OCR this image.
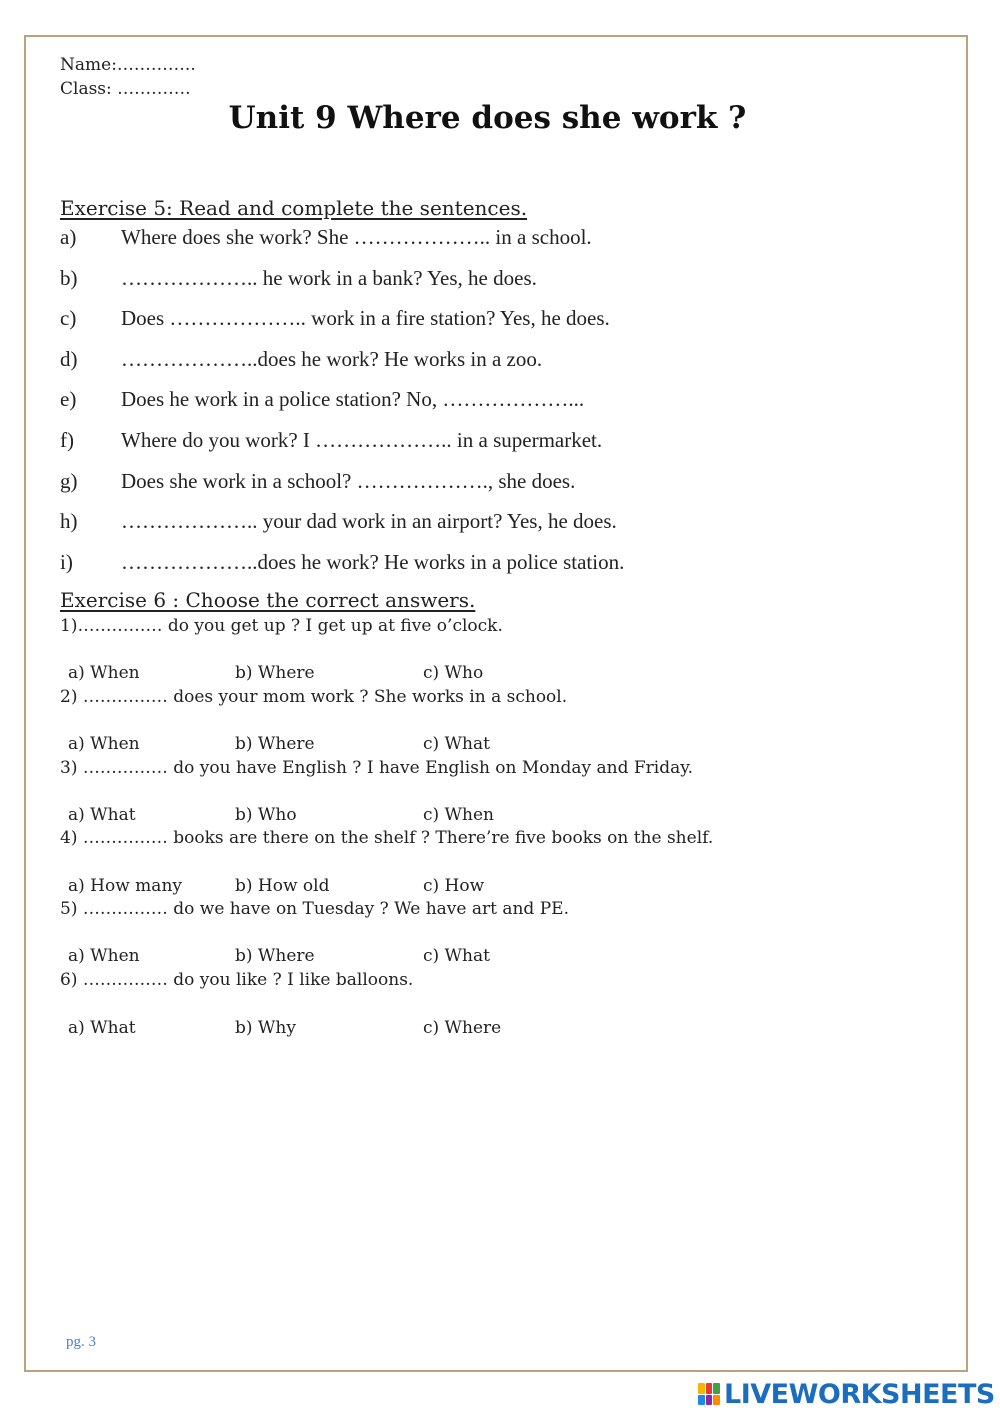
Name:…………..
Class: ………….
Unit 9 Where does she work ?
Exercise 5: Read and complete the sentences.
a) Where does she work? She ……………….. in a school.
b) ……………….. he work in a bank? Yes, he does.
c) Does ……………….. work in a fire station? Yes, he does.
d) ………………..does he work? He works in a zoo.
e) Does he work in a police station? No, ………………...
f) Where do you work? I ……………….. in a supermarket.
g) Does she work in a school? ………………., she does.
h) ……………….. your dad work in an airport? Yes, he does.
i) ………………..does he work? He works in a police station.
Exercise 6 : Choose the correct answers.
1)…………… do you get up ? I get up at five o’clock.
a) When	b) Where	c) Who
2) …………… does your mom work ? She works in a school.
a) When	b) Where	c) What
3) …………… do you have English ? I have English on Monday and Friday.
a) What	b) Who	c) When
4) …………… books are there on the shelf ? There’re five books on the shelf.
a) How many	b) How old	c) How
5) …………… do we have on Tuesday ? We have art and PE.
a) When	b) Where	c) What
6) …………… do you like ? I like balloons.
a) What	b) Why	c) Where
pg. 3
LIVEWORKSHEETS
